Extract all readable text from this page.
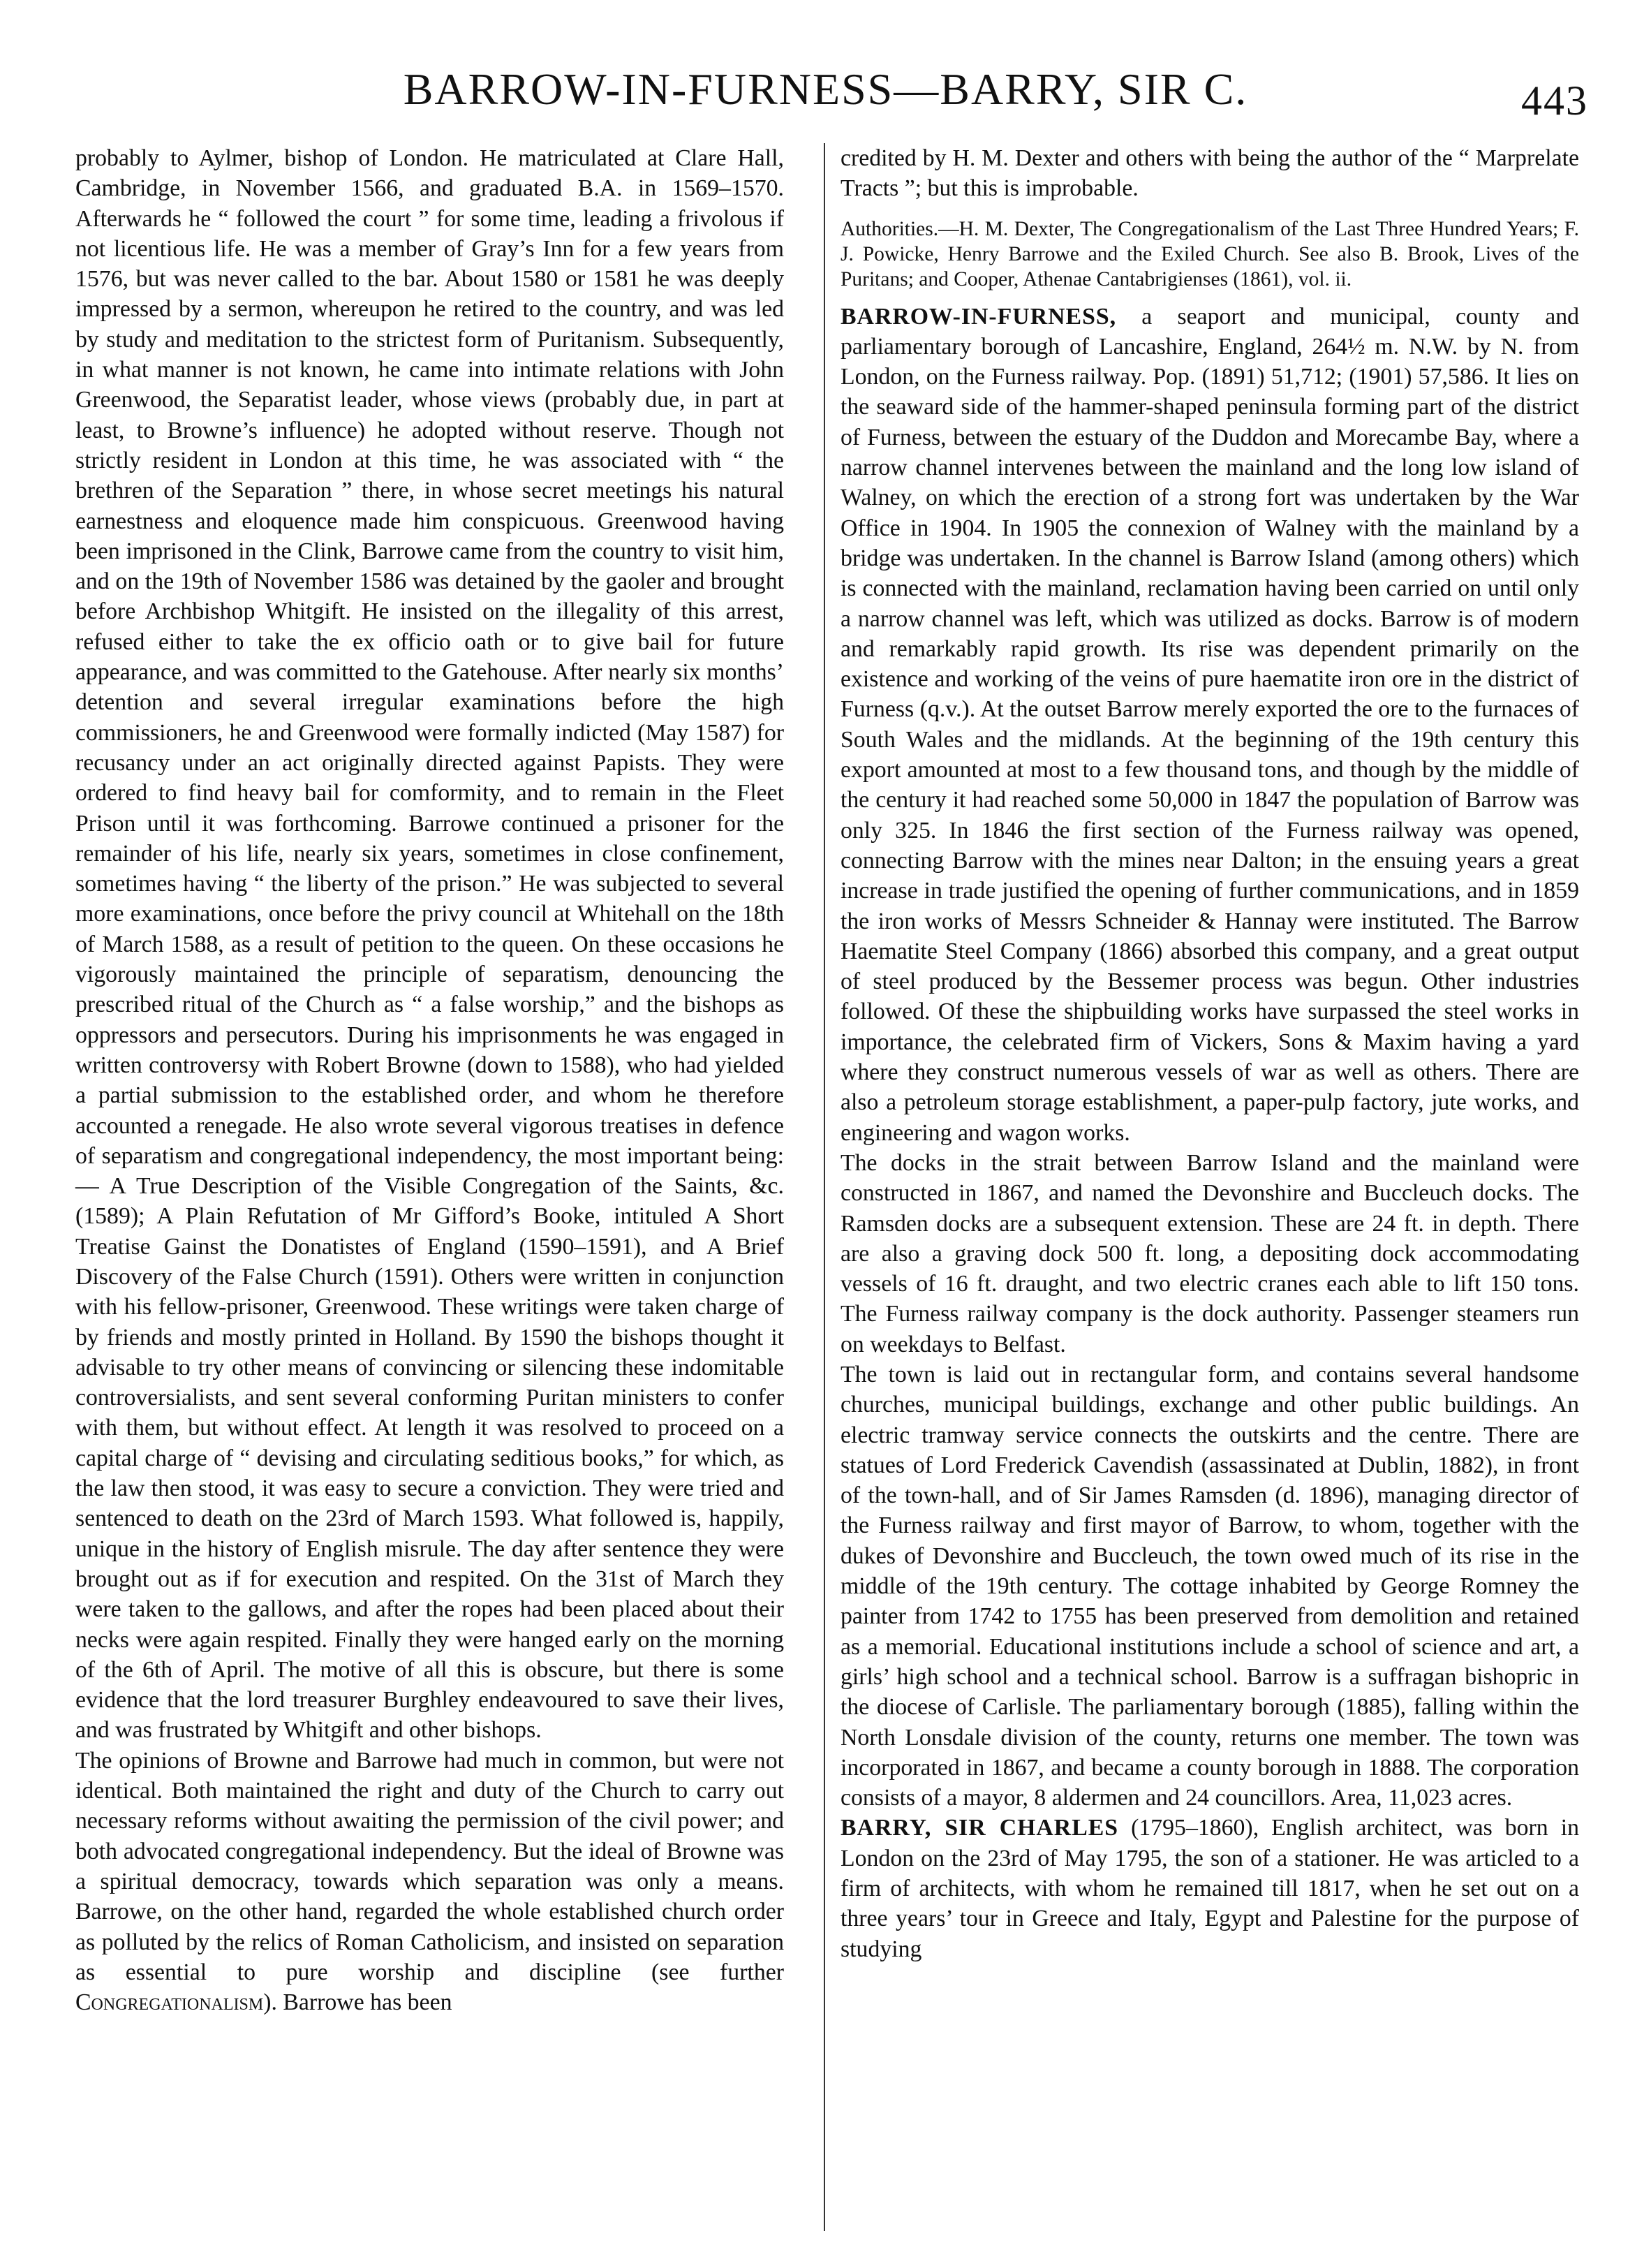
BARROW-IN-FURNESS—BARRY, SIR C.	443

probably to Aylmer, bishop of London. He matriculated at Clare Hall, Cambridge, in November 1566, and graduated B.A. in 1569–1570. Afterwards he “ followed the court ” for some time, leading a frivolous if not licentious life. He was a member of Gray’s Inn for a few years from 1576, but was never called to the bar. About 1580 or 1581 he was deeply impressed by a sermon, whereupon he retired to the country, and was led by study and meditation to the strictest form of Puritanism. Subsequently, in what manner is not known, he came into intimate relations with John Greenwood, the Separatist leader, whose views (probably due, in part at least, to Browne’s influence) he adopted without reserve. Though not strictly resident in London at this time, he was associated with “ the brethren of the Separation ” there, in whose secret meetings his natural earnestness and eloquence made him conspicuous. Greenwood having been imprisoned in the Clink, Barrowe came from the country to visit him, and on the 19th of November 1586 was detained by the gaoler and brought before Archbishop Whitgift. He insisted on the illegality of this arrest, refused either to take the ex officio oath or to give bail for future appearance, and was committed to the Gatehouse. After nearly six months’ detention and several irregular examinations before the high commissioners, he and Greenwood were formally indicted (May 1587) for recusancy under an act originally directed against Papists. They were ordered to find heavy bail for comformity, and to remain in the Fleet Prison until it was forthcoming. Barrowe continued a prisoner for the remainder of his life, nearly six years, sometimes in close confinement, sometimes having “ the liberty of the prison.” He was subjected to several more examinations, once before the privy council at Whitehall on the 18th of March 1588, as a result of petition to the queen. On these occasions he vigorously maintained the principle of separatism, denouncing the prescribed ritual of the Church as “ a false worship,” and the bishops as oppressors and persecutors. During his imprisonments he was engaged in written controversy with Robert Browne (down to 1588), who had yielded a partial submission to the established order, and whom he therefore accounted a renegade. He also wrote several vigorous treatises in defence of separatism and congregational independency, the most important being:— A True Description of the Visible Congregation of the Saints, &c. (1589); A Plain Refutation of Mr Gifford’s Booke, intituled A Short Treatise Gainst the Donatistes of England (1590–1591), and A Brief Discovery of the False Church (1591). Others were written in conjunction with his fellow-prisoner, Greenwood. These writings were taken charge of by friends and mostly printed in Holland. By 1590 the bishops thought it advisable to try other means of convincing or silencing these indomitable controversialists, and sent several conforming Puritan ministers to confer with them, but without effect. At length it was resolved to proceed on a capital charge of “ devising and circulating seditious books,” for which, as the law then stood, it was easy to secure a conviction. They were tried and sentenced to death on the 23rd of March 1593. What followed is, happily, unique in the history of English misrule. The day after sentence they were brought out as if for execution and respited. On the 31st of March they were taken to the gallows, and after the ropes had been placed about their necks were again respited. Finally they were hanged early on the morning of the 6th of April. The motive of all this is obscure, but there is some evidence that the lord treasurer Burghley endeavoured to save their lives, and was frustrated by Whitgift and other bishops.

The opinions of Browne and Barrowe had much in common, but were not identical. Both maintained the right and duty of the Church to carry out necessary reforms without awaiting the permission of the civil power; and both advocated congregational independency. But the ideal of Browne was a spiritual democracy, towards which separation was only a means. Barrowe, on the other hand, regarded the whole established church order as polluted by the relics of Roman Catholicism, and insisted on separation as essential to pure worship and discipline (see further Congregationalism). Barrowe has been

credited by H. M. Dexter and others with being the author of the “ Marprelate Tracts ”; but this is improbable.

Authorities.—H. M. Dexter, The Congregationalism of the Last Three Hundred Years; F. J. Powicke, Henry Barrowe and the Exiled Church. See also B. Brook, Lives of the Puritans; and Cooper, Athenae Cantabrigienses (1861), vol. ii.

BARROW-IN-FURNESS, a seaport and municipal, county and parliamentary borough of Lancashire, England, 264½ m. N.W. by N. from London, on the Furness railway. Pop. (1891) 51,712; (1901) 57,586. It lies on the seaward side of the hammer-shaped peninsula forming part of the district of Furness, between the estuary of the Duddon and Morecambe Bay, where a narrow channel intervenes between the mainland and the long low island of Walney, on which the erection of a strong fort was undertaken by the War Office in 1904. In 1905 the connexion of Walney with the mainland by a bridge was undertaken. In the channel is Barrow Island (among others) which is connected with the mainland, reclamation having been carried on until only a narrow channel was left, which was utilized as docks. Barrow is of modern and remarkably rapid growth. Its rise was dependent primarily on the existence and working of the veins of pure haematite iron ore in the district of Furness (q.v.). At the outset Barrow merely exported the ore to the furnaces of South Wales and the midlands. At the beginning of the 19th century this export amounted at most to a few thousand tons, and though by the middle of the century it had reached some 50,000 in 1847 the population of Barrow was only 325. In 1846 the first section of the Furness railway was opened, connecting Barrow with the mines near Dalton; in the ensuing years a great increase in trade justified the opening of further communications, and in 1859 the iron works of Messrs Schneider & Hannay were instituted. The Barrow Haematite Steel Company (1866) absorbed this company, and a great output of steel produced by the Bessemer process was begun. Other industries followed. Of these the shipbuilding works have surpassed the steel works in importance, the celebrated firm of Vickers, Sons & Maxim having a yard where they construct numerous vessels of war as well as others. There are also a petroleum storage establishment, a paper-pulp factory, jute works, and engineering and wagon works.

The docks in the strait between Barrow Island and the mainland were constructed in 1867, and named the Devonshire and Buccleuch docks. The Ramsden docks are a subsequent extension. These are 24 ft. in depth. There are also a graving dock 500 ft. long, a depositing dock accommodating vessels of 16 ft. draught, and two electric cranes each able to lift 150 tons. The Furness railway company is the dock authority. Passenger steamers run on weekdays to Belfast.

The town is laid out in rectangular form, and contains several handsome churches, municipal buildings, exchange and other public buildings. An electric tramway service connects the outskirts and the centre. There are statues of Lord Frederick Cavendish (assassinated at Dublin, 1882), in front of the town-hall, and of Sir James Ramsden (d. 1896), managing director of the Furness railway and first mayor of Barrow, to whom, together with the dukes of Devonshire and Buccleuch, the town owed much of its rise in the middle of the 19th century. The cottage inhabited by George Romney the painter from 1742 to 1755 has been preserved from demolition and retained as a memorial. Educational institutions include a school of science and art, a girls’ high school and a technical school. Barrow is a suffragan bishopric in the diocese of Carlisle. The parliamentary borough (1885), falling within the North Lonsdale division of the county, returns one member. The town was incorporated in 1867, and became a county borough in 1888. The corporation consists of a mayor, 8 aldermen and 24 councillors. Area, 11,023 acres.

BARRY, SIR CHARLES (1795–1860), English architect, was born in London on the 23rd of May 1795, the son of a stationer. He was articled to a firm of architects, with whom he remained till 1817, when he set out on a three years’ tour in Greece and Italy, Egypt and Palestine for the purpose of studying
